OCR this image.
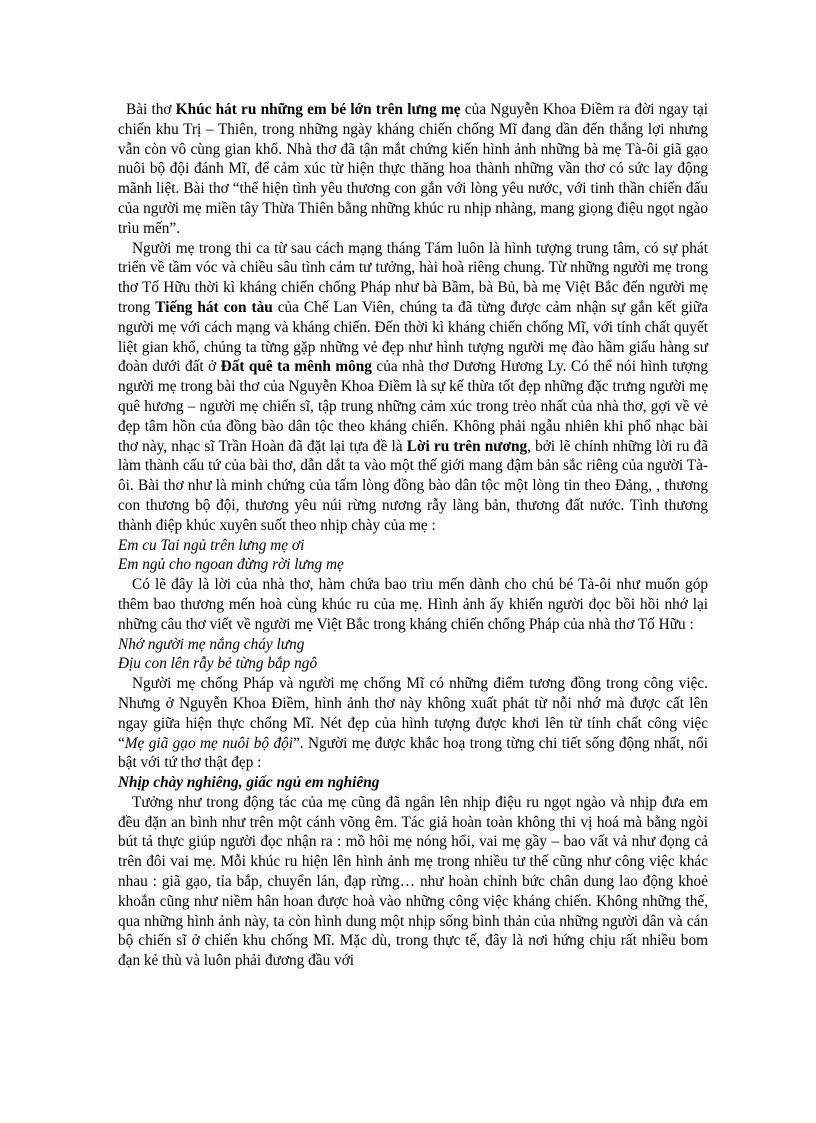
Bài thơ Khúc hát ru những em bé lớn trên lưng mẹ của Nguyễn Khoa Điềm ra đời ngay tại chiến khu Trị – Thiên, trong những ngày kháng chiến chống Mĩ đang dần đến thắng lợi nhưng vẫn còn vô cùng gian khổ. Nhà thơ đã tận mắt chứng kiến hình ảnh những bà mẹ Tà-ôi giã gạo nuôi bộ đội đánh Mĩ, để cảm xúc từ hiện thực thăng hoa thành những vần thơ có sức lay động mãnh liệt. Bài thơ “thể hiện tình yêu thương con gắn với lòng yêu nước, với tinh thần chiến đấu của người mẹ miền tây Thừa Thiên bằng những khúc ru nhịp nhàng, mang giọng điệu ngọt ngào trìu mến”.

Người mẹ trong thi ca từ sau cách mạng tháng Tám luôn là hình tượng trung tâm, có sự phát triển về tầm vóc và chiều sâu tình cảm tư tưởng, hài hoà riêng chung. Từ những người mẹ trong thơ Tố Hữu thời kì kháng chiến chống Pháp như bà Bầm, bà Bủ, bà mẹ Việt Bắc đến người mẹ trong Tiếng hát con tàu của Chế Lan Viên, chúng ta đã từng được cảm nhận sự gắn kết giữa người mẹ với cách mạng và kháng chiến. Đến thời kì kháng chiến chống Mĩ, với tính chất quyết liệt gian khổ, chúng ta từng gặp những vẻ đẹp như hình tượng người mẹ đào hầm giấu hàng sư đoàn dưới đất ở Đất quê ta mênh mông của nhà thơ Dương Hương Ly. Có thể nói hình tượng người mẹ trong bài thơ của Nguyễn Khoa Điềm là sự kế thừa tốt đẹp những đặc trưng người mẹ quê hương – người mẹ chiến sĩ, tập trung những cảm xúc trong trẻo nhất của nhà thơ, gợi về vẻ đẹp tâm hồn của đồng bào dân tộc theo kháng chiến. Không phải ngẫu nhiên khi phổ nhạc bài thơ này, nhạc sĩ Trần Hoàn đã đặt lại tựa đề là Lời ru trên nương, bởi lẽ chính những lời ru đã làm thành cấu tứ của bài thơ, dẫn dắt ta vào một thế giới mang đậm bản sắc riêng của người Tà-ôi. Bài thơ như là minh chứng của tấm lòng đồng bào dân tộc một lòng tin theo Đảng, , thương con thương bộ đội, thương yêu núi rừng nương rẫy làng bản, thương đất nước. Tình thương thành điệp khúc xuyên suốt theo nhịp chày của mẹ :

Em cu Tai ngủ trên lưng mẹ ơi

Em ngủ cho ngoan đừng rời lưng mẹ

Có lẽ đây là lời của nhà thơ, hàm chứa bao trìu mến dành cho chú bé Tà-ôi như muốn góp thêm bao thương mến hoà cùng khúc ru của mẹ. Hình ảnh ấy khiến người đọc bồi hồi nhớ lại những câu thơ viết về người mẹ Việt Bắc trong kháng chiến chống Pháp của nhà thơ Tố Hữu :

Nhớ người mẹ nắng cháy lưng

Địu con lên rẫy bẻ từng bắp ngô

Người mẹ chống Pháp và người mẹ chống Mĩ có những điểm tương đồng trong công việc. Nhưng ở Nguyễn Khoa Điềm, hình ảnh thơ này không xuất phát từ nỗi nhớ mà được cất lên ngay giữa hiện thực chống Mĩ. Nét đẹp của hình tượng được khơi lên từ tính chất công việc “Mẹ giã gạo mẹ nuôi bộ đội”. Người mẹ được khắc hoạ trong từng chi tiết sống động nhất, nổi bật với tứ thơ thật đẹp :

Nhịp chày nghiêng, giấc ngủ em nghiêng

Tưởng như trong động tác của mẹ cũng đã ngân lên nhịp điệu ru ngọt ngào và nhịp đưa em đều đặn an bình như trên một cánh võng êm. Tác giả hoàn toàn không thi vị hoá mà bằng ngòi bút tả thực giúp người đọc nhận ra : mồ hôi mẹ nóng hổi, vai mẹ gầy – bao vất vả như đọng cả trên đôi vai mẹ. Mỗi khúc ru hiện lên hình ảnh mẹ trong nhiều tư thế cũng như công việc khác nhau : giã gạo, tỉa bắp, chuyển lán, đạp rừng… như hoàn chỉnh bức chân dung lao động khoẻ khoắn cũng như niềm hân hoan được hoà vào những công việc kháng chiến. Không những thế, qua những hình ảnh này, ta còn hình dung một nhịp sống bình thản của những người dân và cán bộ chiến sĩ ở chiến khu chống Mĩ. Mặc dù, trong thực tế, đây là nơi hứng chịu rất nhiều bom đạn kẻ thù và luôn phải đương đầu với
